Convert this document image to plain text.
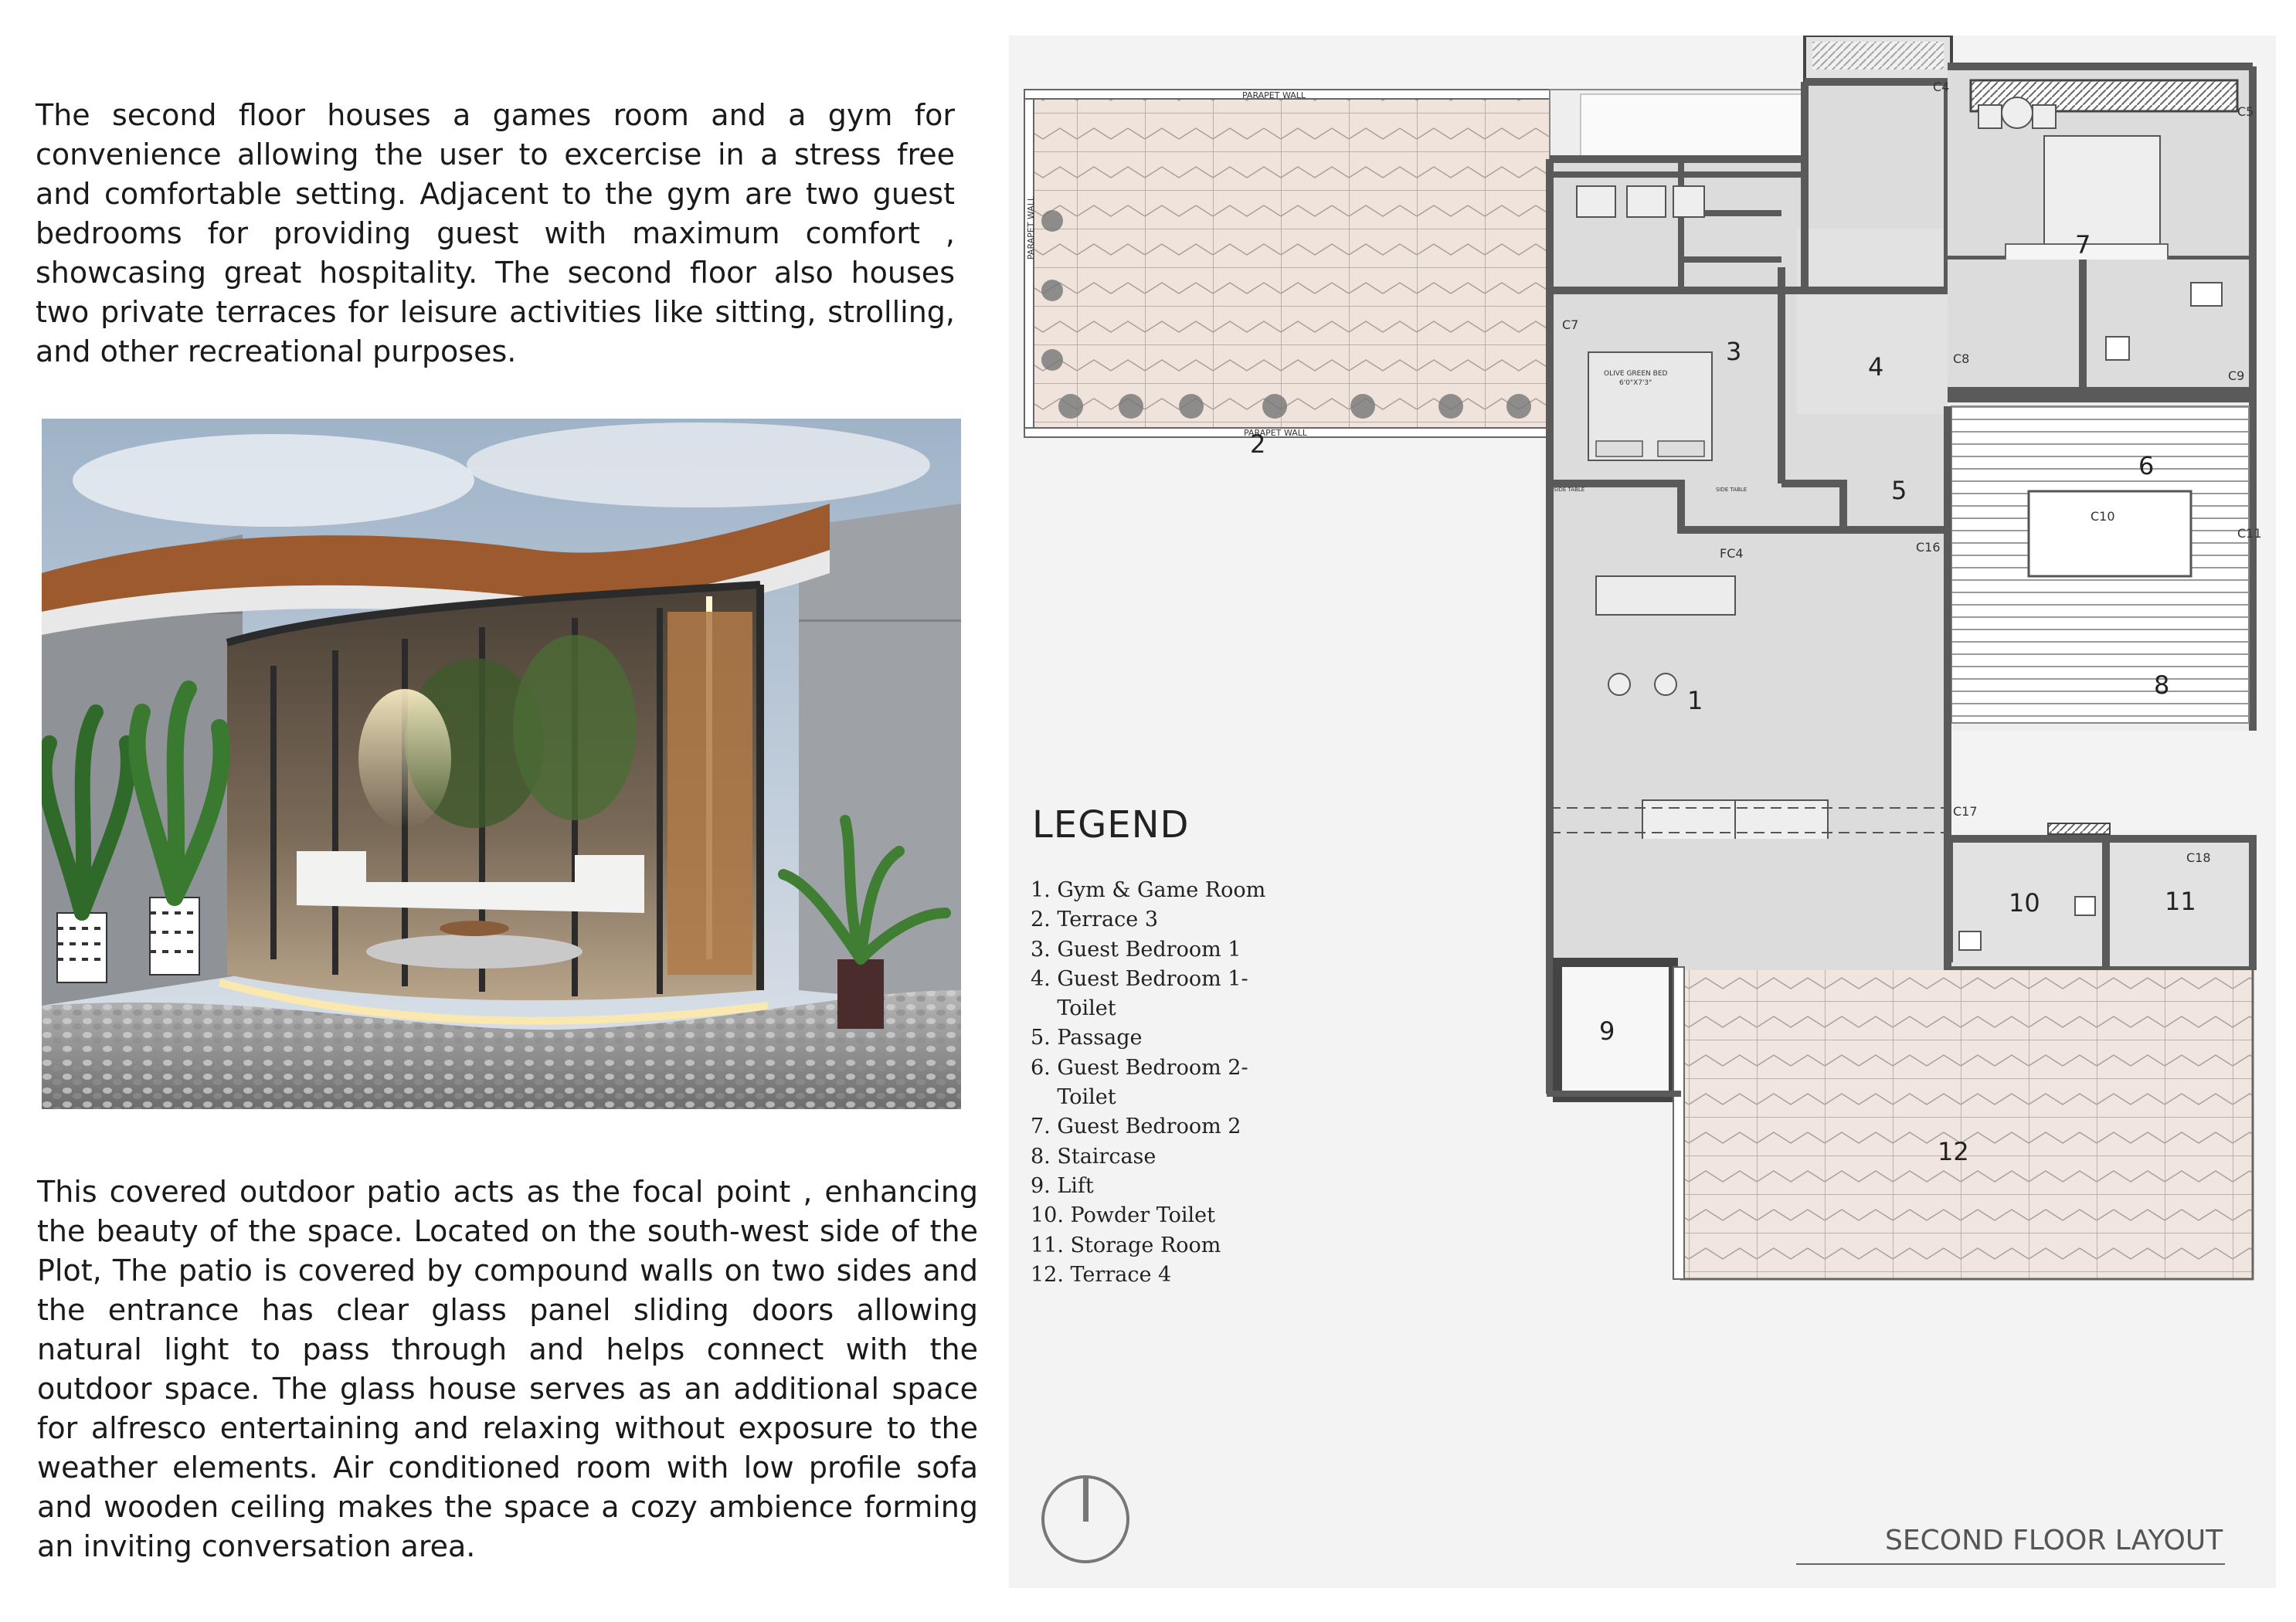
The second floor houses a games room and a gym for convenience allowing the user to excercise in a stress free and comfortable setting. Adjacent to the gym are two guest bedrooms for providing guest with maximum comfort , showcasing great hospitality. The second floor also houses two private terraces for leisure activities like sitting, strolling, and other recreational purposes.

This covered outdoor patio acts as the focal point , enhancing the beauty of the space. Located on the south-west side of the Plot, The patio is covered by compound walls on two sides and the entrance has clear glass panel sliding doors allowing natural light to pass through and helps connect with the outdoor space. The glass house serves as an additional space for alfresco entertaining and relaxing without exposure to the weather elements. Air conditioned room with low profile sofa and wooden ceiling makes the space a cozy ambience forming an inviting conversation area.

PARAPET WALL
PARAPET WALL
PARAPET WALL
OLIVE GREEN BED
6'0"X7'3"
SIDE TABLE	SIDE TABLE
1
2
3
4
5
6
7
8
9
10	11
12
C4
C5
C7
C8
C9
C10
C11
C16
C17
C18
FC4
LEGEND
1. Gym & Game Room
2. Terrace 3
3. Guest Bedroom 1
4. Guest Bedroom 1-
Toilet
5. Passage
6. Guest Bedroom 2-
Toilet
7. Guest Bedroom 2
8. Staircase
9. Lift
10. Powder Toilet
11. Storage Room
12. Terrace 4
SECOND FLOOR LAYOUT
